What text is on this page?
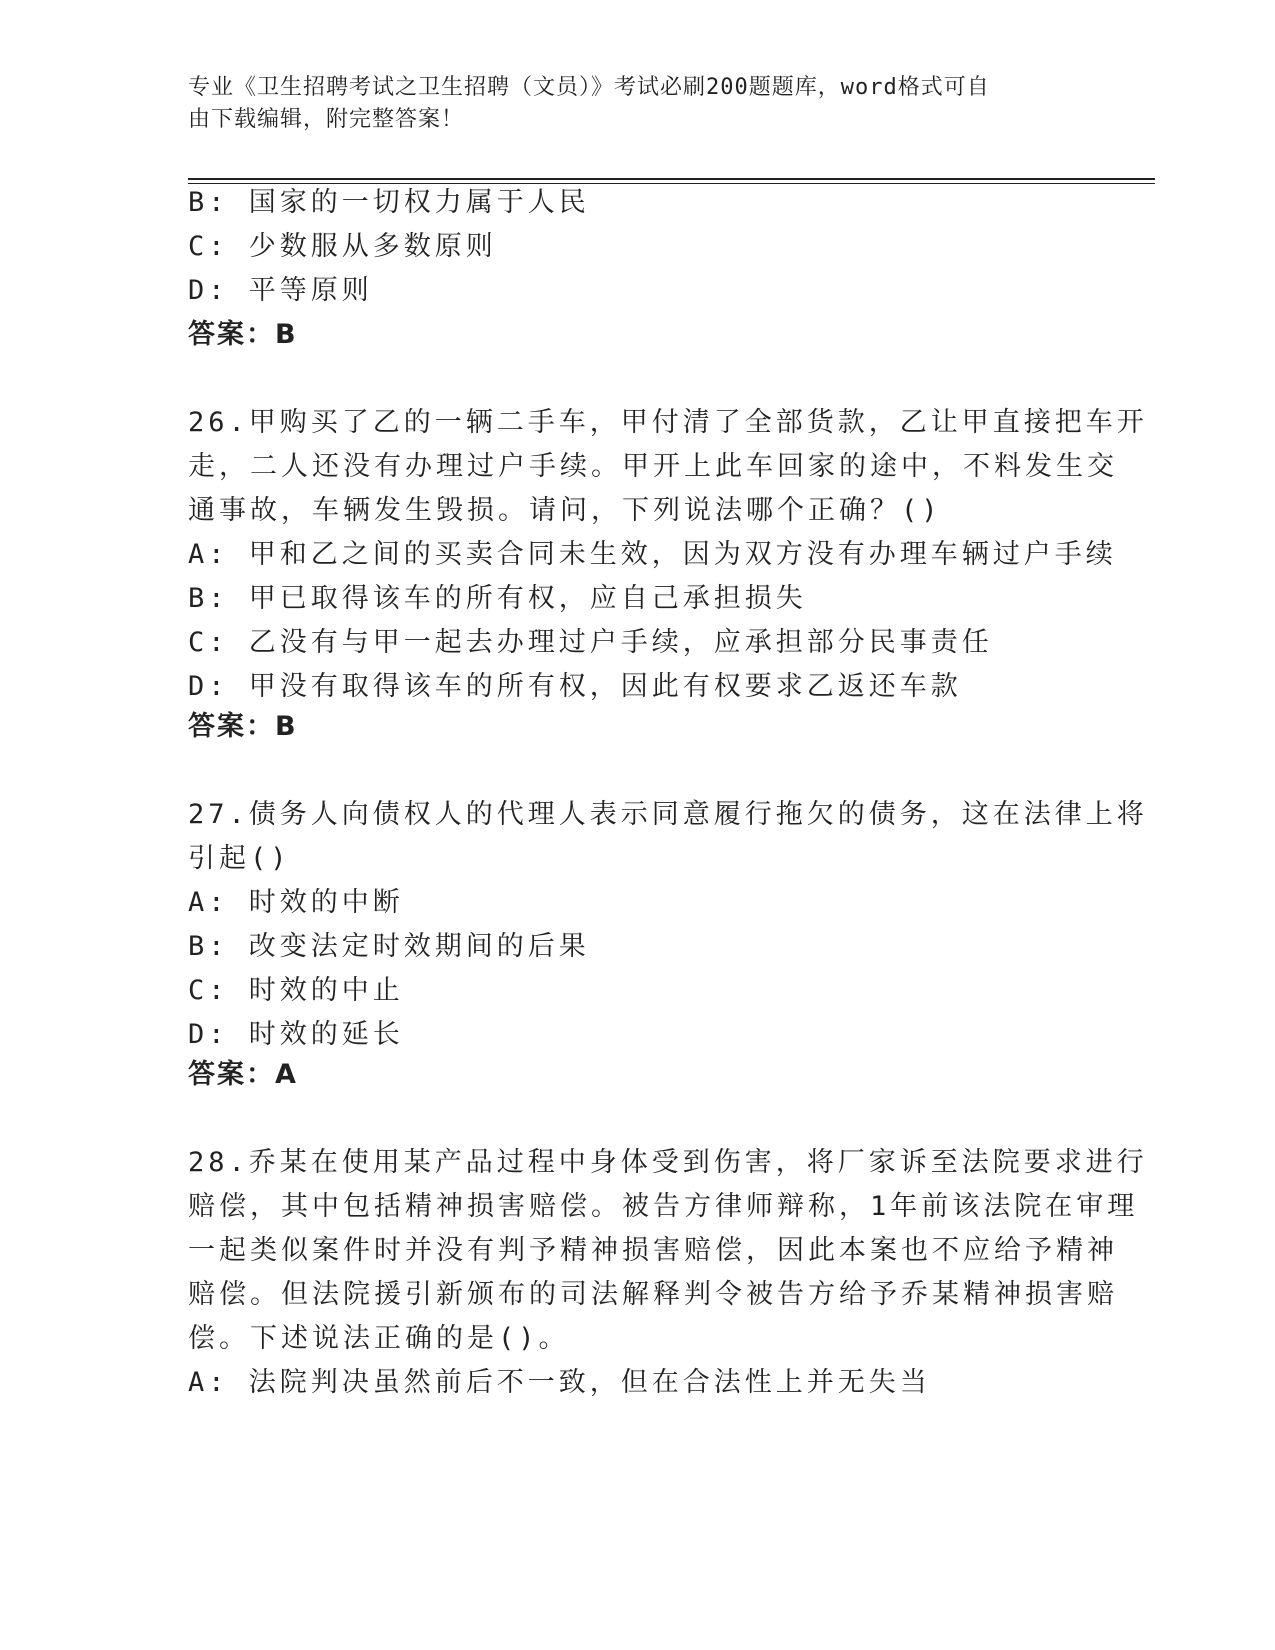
专业《卫生招聘考试之卫生招聘（文员）》考试必刷200题题库，word格式可自
由下载编辑，附完整答案！
B: 国家的一切权力属于人民
C: 少数服从多数原则
D: 平等原则
答案：B
26.甲购买了乙的一辆二手车，甲付清了全部货款，乙让甲直接把车开
走，二人还没有办理过户手续。甲开上此车回家的途中，不料发生交
通事故，车辆发生毁损。请问，下列说法哪个正确？()
A: 甲和乙之间的买卖合同未生效，因为双方没有办理车辆过户手续
B: 甲已取得该车的所有权，应自己承担损失
C: 乙没有与甲一起去办理过户手续，应承担部分民事责任
D: 甲没有取得该车的所有权，因此有权要求乙返还车款
答案：B
27.债务人向债权人的代理人表示同意履行拖欠的债务，这在法律上将
引起()
A: 时效的中断
B: 改变法定时效期间的后果
C: 时效的中止
D: 时效的延长
答案：A
28.乔某在使用某产品过程中身体受到伤害，将厂家诉至法院要求进行
赔偿，其中包括精神损害赔偿。被告方律师辩称，1年前该法院在审理
一起类似案件时并没有判予精神损害赔偿，因此本案也不应给予精神
赔偿。但法院援引新颁布的司法解释判令被告方给予乔某精神损害赔
偿。下述说法正确的是()。
A: 法院判决虽然前后不一致，但在合法性上并无失当
